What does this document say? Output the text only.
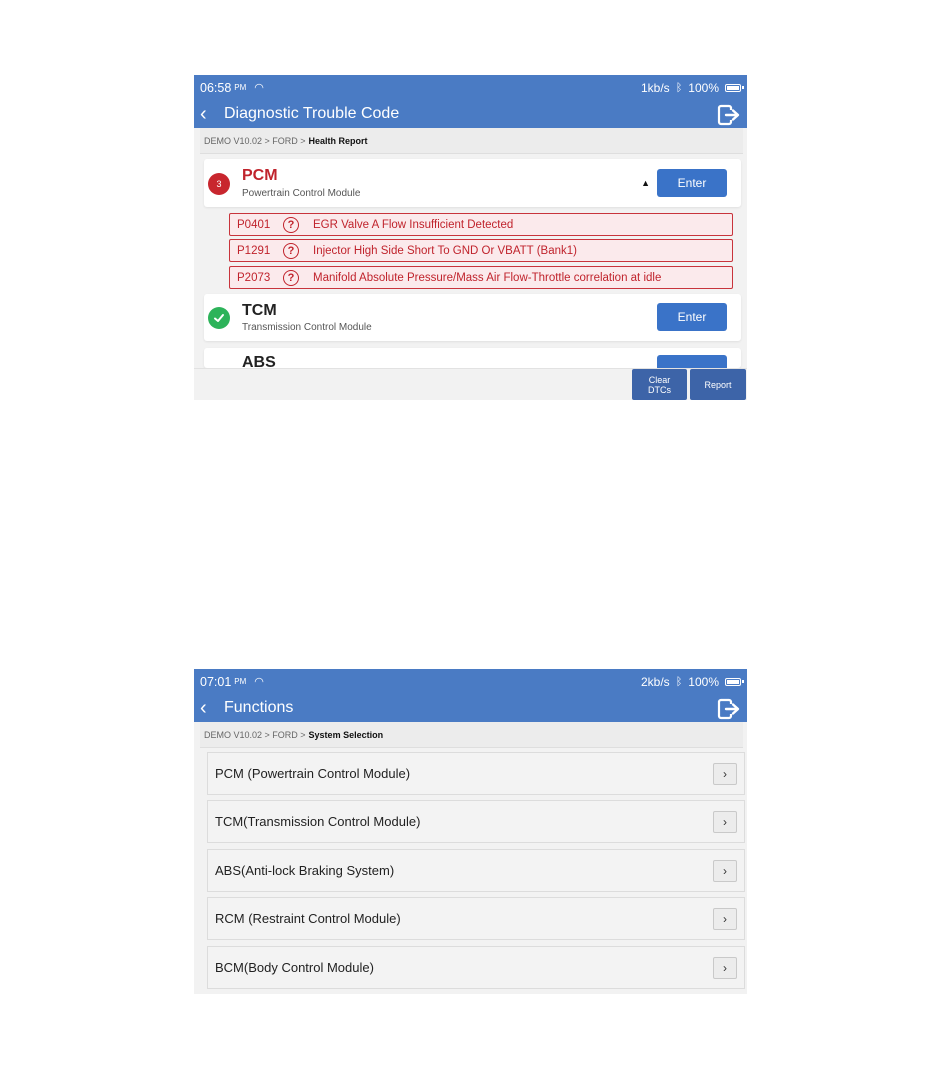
06:58 PM ◠	1kb/s ᛒ 100%
‹	Diagnostic Trouble Code
DEMO V10.02 > FORD > Health Report
3	PCM
Powertrain Control Module
▲	Enter
P0401	?	EGR Valve A Flow Insufficient Detected
P1291	?	Injector High Side Short To GND Or VBATT (Bank1)
P2073	?	Manifold Absolute Pressure/Mass Air Flow-Throttle correlation at idle
TCM
Transmission Control Module
Enter
ABS
Clear
DTCs	Report
07:01 PM ◠	2kb/s ᛒ 100%
‹	Functions
DEMO V10.02 > FORD > System Selection
PCM (Powertrain Control Module)	›
TCM(Transmission Control Module)	›
ABS(Anti-lock Braking System)	›
RCM (Restraint Control Module)	›
BCM(Body Control Module)	›
